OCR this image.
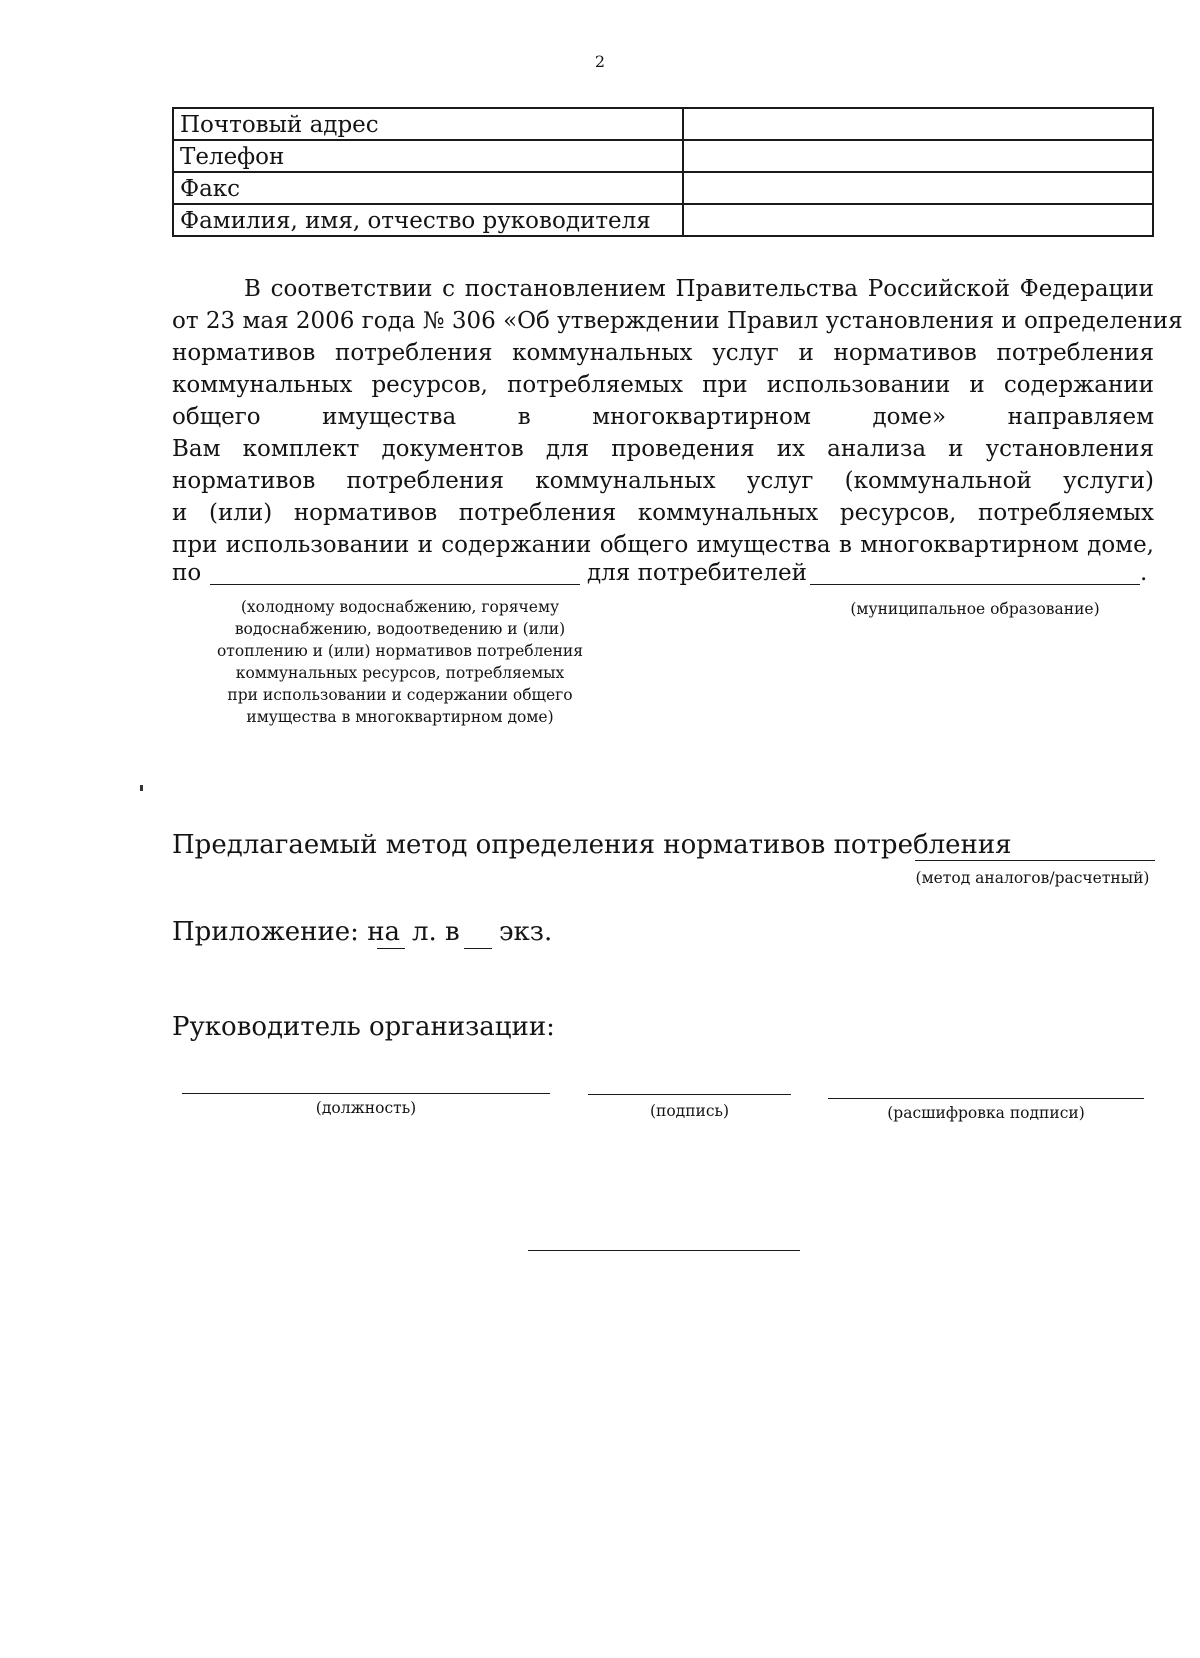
2
Почтовый адрес	
Телефон	
Факс	
Фамилия, имя, отчество руководителя	
В соответствии с постановлением Правительства Российской Федерации
от 23 мая 2006 года № 306 «Об утверждении Правил установления и определения
нормативов потребления коммунальных услуг и нормативов потребления
коммунальных ресурсов, потребляемых при использовании и содержании
общего имущества в многоквартирном доме» направляем
Вам комплект документов для проведения их анализа и установления
нормативов потребления коммунальных услуг (коммунальной услуги)
и (или) нормативов потребления коммунальных ресурсов, потребляемых
при использовании и содержании общего имущества в многоквартирном доме,
по	для потребителей	.
(холодному водоснабжению, горячему
водоснабжению, водоотведению и (или)
отоплению и (или) нормативов потребления
коммунальных ресурсов, потребляемых
при использовании и содержании общего
имущества в многоквартирном доме)
(муниципальное образование)
Предлагаемый метод определения нормативов потребления
(метод аналогов/расчетный)
Приложение: на л. в экз.
Руководитель организации:
(должность)	(подпись)	(расшифровка подписи)
